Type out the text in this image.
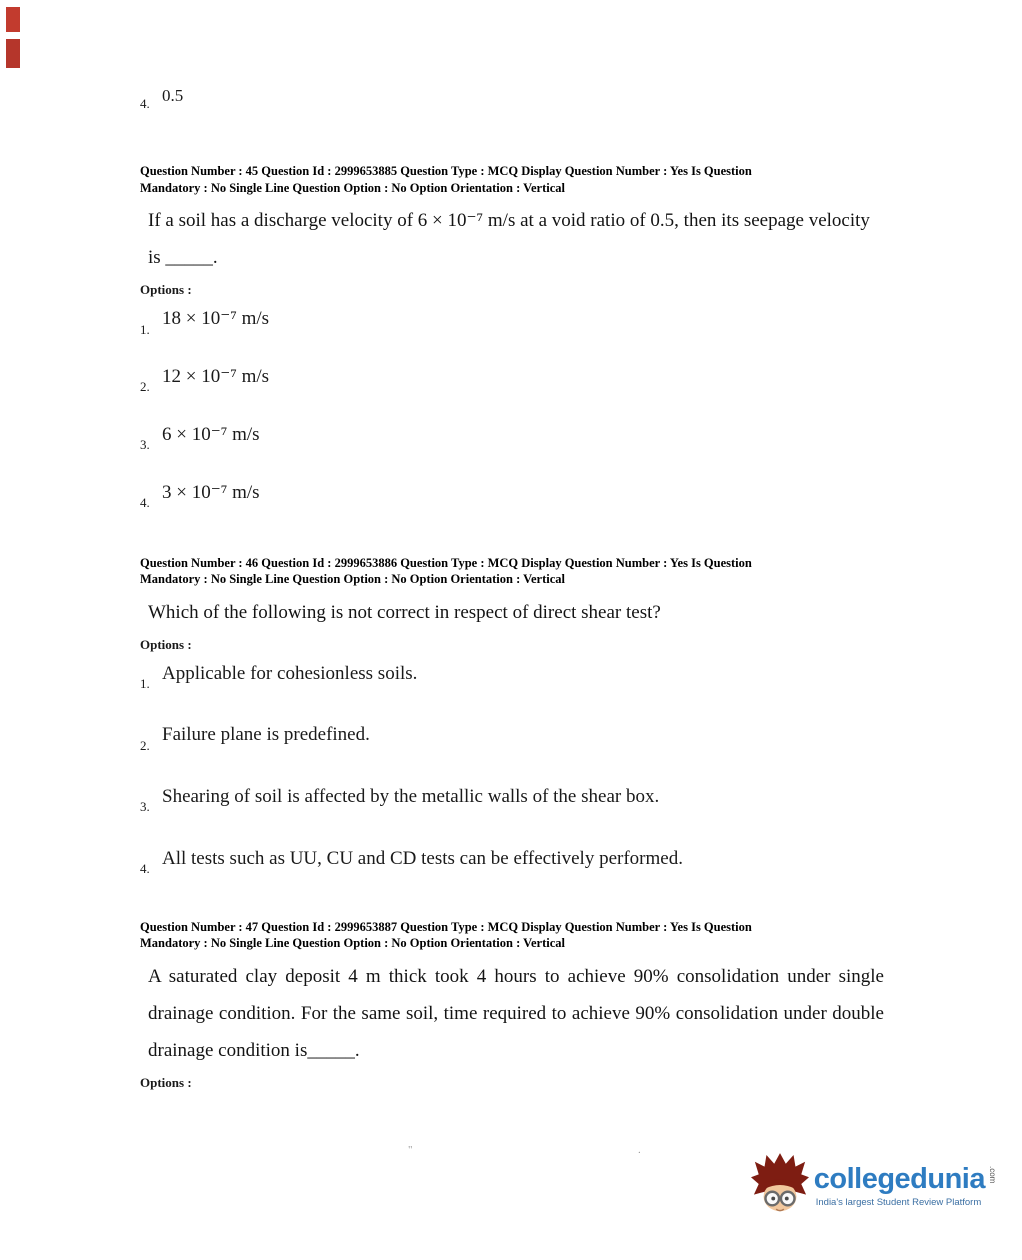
4. 0.5
Question Number : 45 Question Id : 2999653885 Question Type : MCQ Display Question Number : Yes Is Question
Mandatory : No Single Line Question Option : No Option Orientation : Vertical

If a soil has a discharge velocity of 6 × 10⁻⁷ m/s at a void ratio of 0.5, then its seepage velocity is _____.

Options :
1. 18 × 10⁻⁷ m/s
2. 12 × 10⁻⁷ m/s
3. 6 × 10⁻⁷ m/s
4. 3 × 10⁻⁷ m/s
Question Number : 46 Question Id : 2999653886 Question Type : MCQ Display Question Number : Yes Is Question
Mandatory : No Single Line Question Option : No Option Orientation : Vertical

Which of the following is not correct in respect of direct shear test?

Options :
1. Applicable for cohesionless soils.
2. Failure plane is predefined.
3. Shearing of soil is affected by the metallic walls of the shear box.
4. All tests such as UU, CU and CD tests can be effectively performed.
Question Number : 47 Question Id : 2999653887 Question Type : MCQ Display Question Number : Yes Is Question
Mandatory : No Single Line Question Option : No Option Orientation : Vertical

A saturated clay deposit 4 m thick took 4 hours to achieve 90% consolidation under single drainage condition. For the same soil, time required to achieve 90% consolidation under double drainage condition is_____.

Options :
"	.
collegedunia .com
India's largest Student Review Platform
